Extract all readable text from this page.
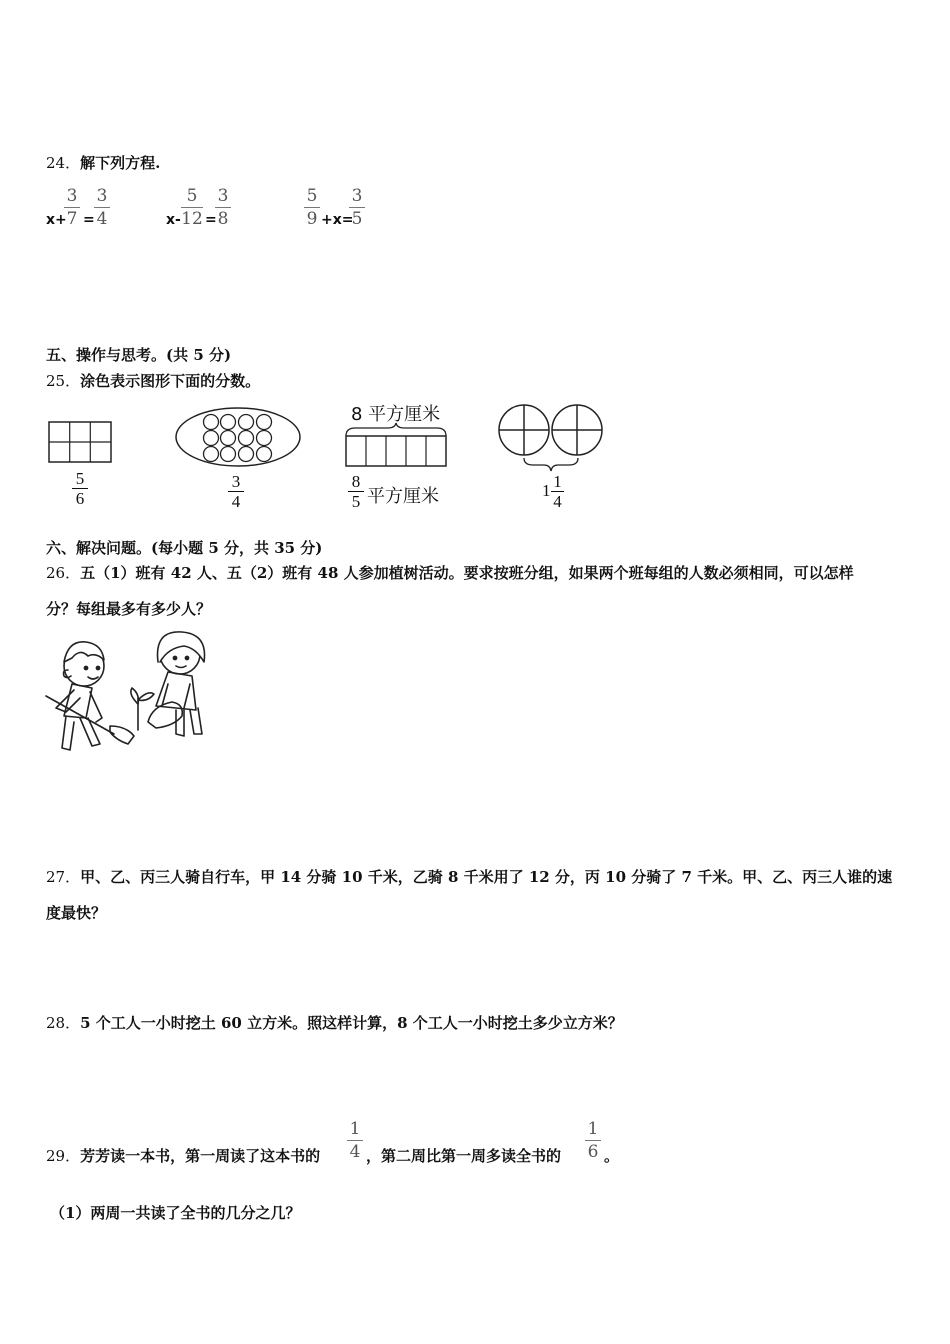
24．解下列方程.
x+
3
7 =
3
4	x-
5
12 =
3
8
5
9 +x=
3
5
五、操作与思考。(共 5 分)
25．涂色表示图形下面的分数。
5
6
3
4
8 平方厘米
8
5 平方厘米	1 1
4
六、解决问题。(每小题 5 分，共 35 分)
26．五（1）班有 42 人、五（2）班有 48 人参加植树活动。要求按班分组，如果两个班每组的人数必须相同，可以怎样
分？每组最多有多少人？
27．甲、乙、丙三人骑自行车，甲 14 分骑 10 千米，乙骑 8 千米用了 12 分，丙 10 分骑了 7 千米。甲、乙、丙三人谁的速
度最快？
28．5 个工人一小时挖土 60 立方米。照这样计算，8 个工人一小时挖土多少立方米？
29．芳芳读一本书，第一周读了这本书的
1
4 ，第二周比第一周多读全书的
1
6 。
（1）两周一共读了全书的几分之几？
